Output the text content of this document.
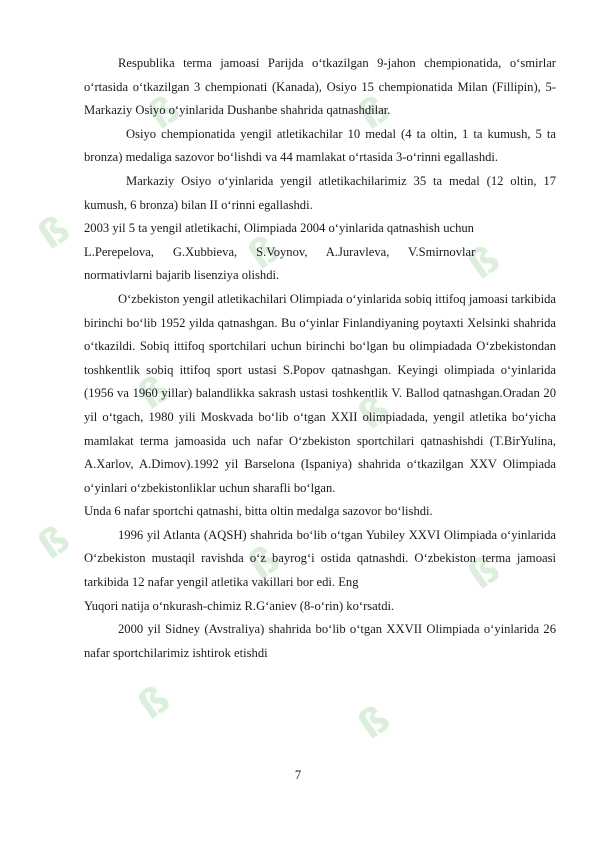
ß	ß
ß	ß	ß
ß	ß
ß	ß	ß
ß	ß

Respublika terma jamoasi Parijda o‘tkazilgan 9-jahon chempionatida, o‘smirlar o‘rtasida o‘tkazilgan 3 chempionati (Kanada), Osiyo 15 chempionatida Milan (Fillipin), 5-Markaziy Osiyo o‘yinlarida Dushanbe shahrida qatnashdilar.

Osiyo chempionatida yengil atletikachilar 10 medal (4 ta oltin, 1 ta kumush, 5 ta bronza) medaliga sazovor bo‘lishdi va 44 mamlakat o‘rtasida 3-o‘rinni egallashdi.

Markaziy Osiyo o‘yinlarida yengil atletikachilarimiz 35 ta medal (12 oltin, 17 kumush, 6 bronza) bilan II o‘rinni egallashdi.

2003 yil 5 ta yengil atletikachi, Olimpiada 2004 o‘yinlarida qatnashish uchun

L.Perepelova,      G.Xubbieva,      S.Voynov,      A.Juravleva,      V.Smirnovlar

normativlarni bajarib lisenziya olishdi.

O‘zbekiston yengil atletikachilari Olimpiada o‘yinlarida sobiq ittifoq jamoasi tarkibida birinchi bo‘lib 1952 yilda qatnashgan. Bu o‘yinlar Finlandiyaning poytaxti Xelsinki shahrida o‘tkazildi. Sobiq ittifoq sportchilari uchun birinchi bo‘lgan bu olimpiadada O‘zbekistondan toshkentlik sobiq ittifoq sport ustasi S.Popov qatnashgan. Keyingi olimpiada o‘yinlarida (1956 va 1960 yillar) balandlikka sakrash ustasi toshkentlik V. Ballod qatnashgan.Oradan 20 yil o‘tgach, 1980 yili Moskvada bo‘lib o‘tgan XXII olimpiadada, yengil atletika bo‘yicha mamlakat terma jamoasida uch nafar O‘zbekiston sportchilari qatnashishdi (T.BirYulina, A.Xarlov, A.Dimov).1992 yil Barselona (Ispaniya) shahrida o‘tkazilgan XXV Olimpiada o‘yinlari o‘zbekistonliklar uchun sharafli bo‘lgan.

Unda 6 nafar sportchi qatnashi, bitta oltin medalga sazovor bo‘lishdi.

1996 yil Atlanta (AQSH) shahrida bo‘lib o‘tgan Yubiley XXVI Olimpiada o‘yinlarida O‘zbekiston mustaqil ravishda o‘z bayrog‘i ostida qatnashdi. O‘zbekiston terma jamoasi tarkibida 12 nafar yengil atletika vakillari bor edi. Eng

Yuqori natija o‘nkurash-chimiz R.G‘aniev (8-o‘rin) ko‘rsatdi.

2000 yil Sidney (Avstraliya) shahrida bo‘lib o‘tgan XXVII Olimpiada o‘yinlarida 26 nafar sportchilarimiz ishtirok etishdi

7
